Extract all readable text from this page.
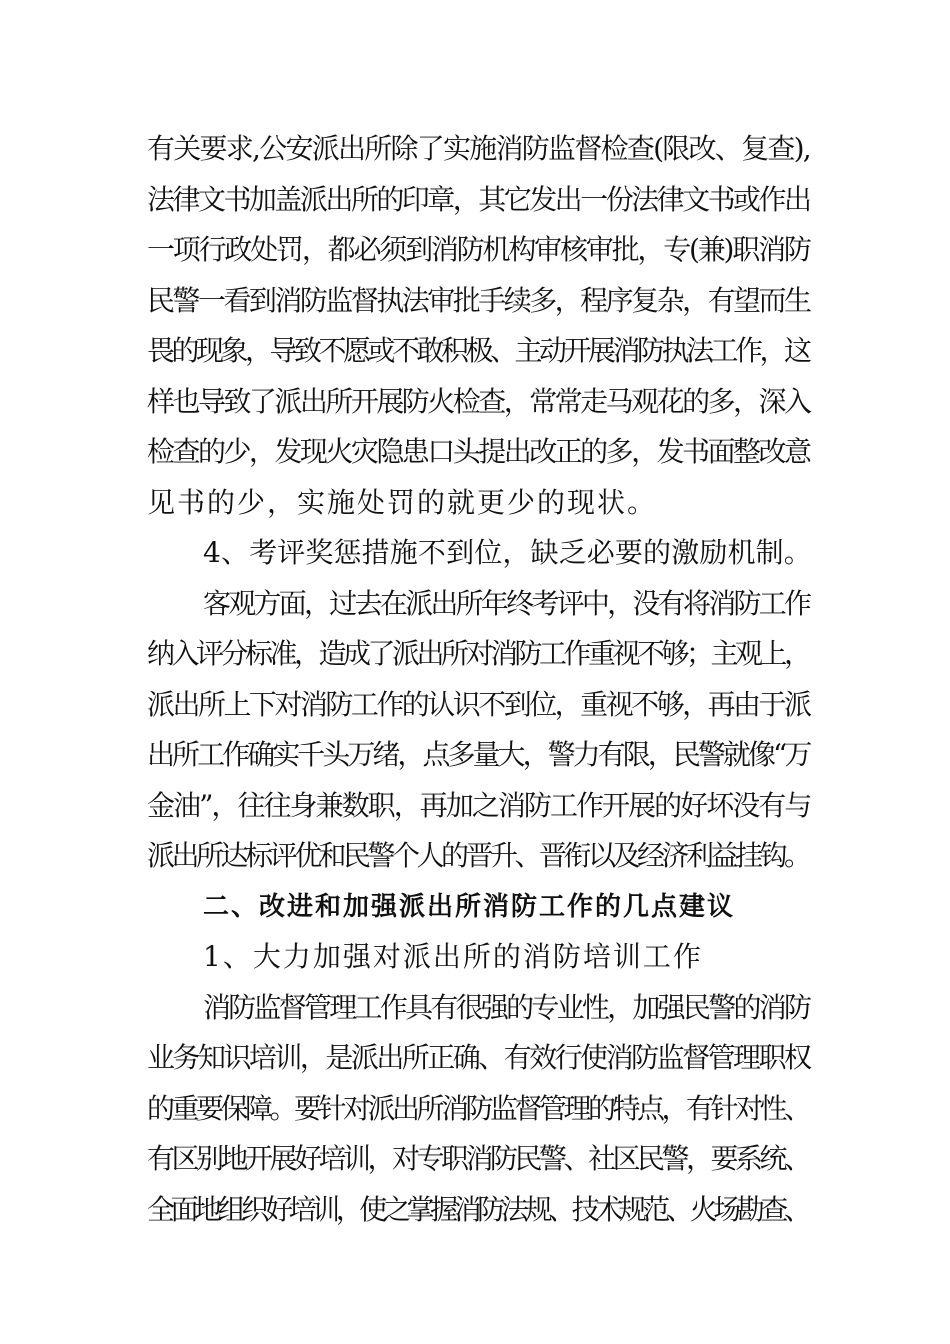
有关要求,公安派出所除了实施消防监督检查(限改、复查),
法律文书加盖派出所的印章，其它发出一份法律文书或作出
一项行政处罚，都必须到消防机构审核审批，专(兼)职消防
民警一看到消防监督执法审批手续多，程序复杂，有望而生
畏的现象，导致不愿或不敢积极、主动开展消防执法工作，这
样也导致了派出所开展防火检查，常常走马观花的多，深入
检查的少，发现火灾隐患口头提出改正的多，发书面整改意
见书的少，实施处罚的就更少的现状。
4、考评奖惩措施不到位，缺乏必要的激励机制。
客观方面，过去在派出所年终考评中，没有将消防工作
纳入评分标准，造成了派出所对消防工作重视不够；主观上，
派出所上下对消防工作的认识不到位，重视不够，再由于派
出所工作确实千头万绪，点多量大，警力有限，民警就像“万
金油”，往往身兼数职，再加之消防工作开展的好坏没有与
派出所达标评优和民警个人的晋升、晋衔以及经济利益挂钩。
二、改进和加强派出所消防工作的几点建议
1、大力加强对派出所的消防培训工作
消防监督管理工作具有很强的专业性，加强民警的消防
业务知识培训，是派出所正确、有效行使消防监督管理职权
的重要保障。要针对派出所消防监督管理的特点，有针对性、
有区别地开展好培训，对专职消防民警、社区民警，要系统、
全面地组织好培训，使之掌握消防法规、技术规范、火场勘查、
